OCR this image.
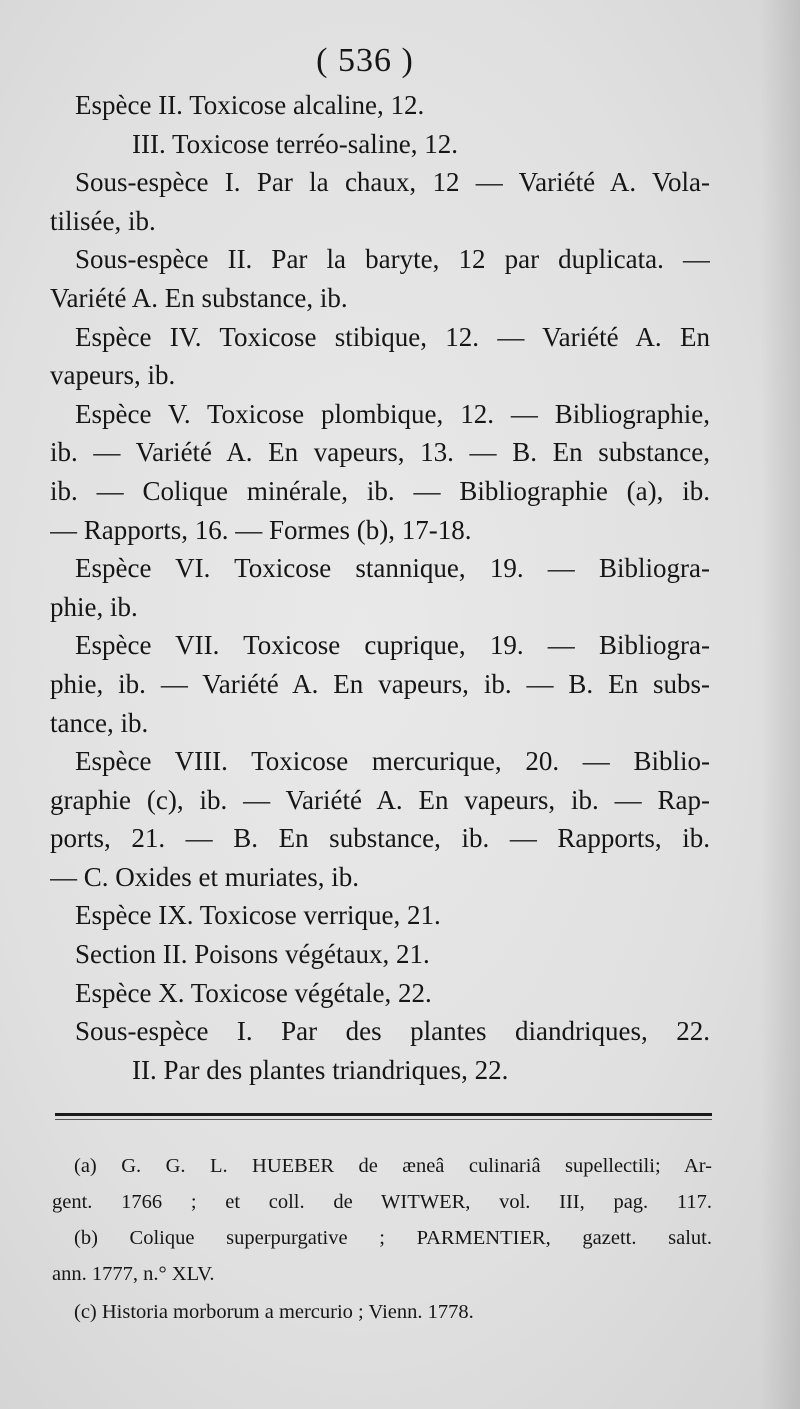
( 536 )
Espèce II. Toxicose alcaline, 12.
III. Toxicose terréo-saline, 12.
Sous-espèce I. Par la chaux, 12 — Variété A. Vola-
tilisée, ib.
Sous-espèce II. Par la baryte, 12 par duplicata. —
Variété A. En substance, ib.
Espèce IV. Toxicose stibique, 12. — Variété A. En
vapeurs, ib.
Espèce V. Toxicose plombique, 12. — Bibliographie,
ib. — Variété A. En vapeurs, 13. — B. En substance,
ib. — Colique minérale, ib. — Bibliographie (a), ib.
— Rapports, 16. — Formes (b), 17-18.
Espèce VI. Toxicose stannique, 19. — Bibliogra-
phie, ib.
Espèce VII. Toxicose cuprique, 19. — Bibliogra-
phie, ib. — Variété A. En vapeurs, ib. — B. En subs-
tance, ib.
Espèce VIII. Toxicose mercurique, 20. — Biblio-
graphie (c), ib. — Variété A. En vapeurs, ib. — Rap-
ports, 21. — B. En substance, ib. — Rapports, ib.
— C. Oxides et muriates, ib.
Espèce IX. Toxicose verrique, 21.
Section II. Poisons végétaux, 21.
Espèce X. Toxicose végétale, 22.
Sous-espèce I. Par des plantes diandriques, 22.
II. Par des plantes triandriques, 22.
(a) G. G. L. HUEBER de æneâ culinariâ supellectili; Ar-
gent. 1766 ; et coll. de WITWER, vol. III, pag. 117.
(b) Colique superpurgative ; PARMENTIER, gazett. salut.
ann. 1777, n.° XLV.
(c) Historia morborum a mercurio ; Vienn. 1778.
